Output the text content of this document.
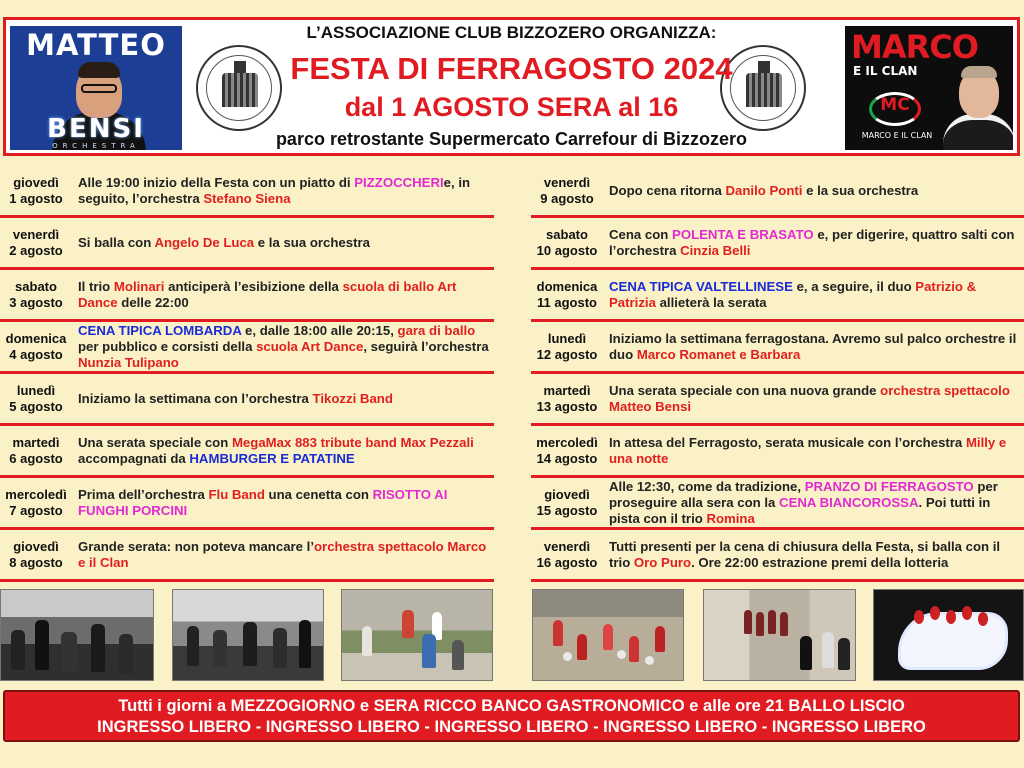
MATTEO
BENSI
ORCHESTRA
L’ASSOCIAZIONE CLUB BIZZOZERO ORGANIZZA:
FESTA DI FERRAGOSTO 2024
dal 1 AGOSTO SERA al 16
parco retrostante Supermercato Carrefour di Bizzozero
MARCO
E IL CLAN
MC
MARCO E IL CLAN
giovedì
1 agosto
Alle 19:00 inizio della Festa con un piatto di PIZZOCCHERIe, in seguito, l’orchestra Stefano Siena
venerdì
2 agosto
Si balla con Angelo De Luca e la sua orchestra
sabato
3 agosto
Il trio Molinari anticiperà l’esibizione della scuola di ballo Art Dance delle 22:00
domenica
4 agosto
CENA TIPICA LOMBARDA e, dalle 18:00 alle 20:15, gara di ballo per pubblico e corsisti della scuola Art Dance, seguirà l’orchestra Nunzia Tulipano
lunedì
5 agosto
Iniziamo la settimana con l’orchestra Tikozzi Band
martedì
6 agosto
Una serata speciale con MegaMax 883 tribute band Max Pezzali accompagnati da HAMBURGER E PATATINE
mercoledì
7 agosto
Prima dell’orchestra Flu Band una cenetta con RISOTTO AI FUNGHI PORCINI
giovedì
8 agosto
Grande serata: non poteva mancare l’orchestra spettacolo Marco e il Clan
venerdì
9 agosto
Dopo cena ritorna Danilo Ponti e la sua orchestra
sabato
10 agosto
Cena con POLENTA E BRASATO e, per digerire, quattro salti con l’orchestra Cinzia Belli
domenica
11 agosto
CENA TIPICA VALTELLINESE e, a seguire, il duo Patrizio & Patrizia allieterà la serata
lunedì
12 agosto
Iniziamo la settimana ferragostana. Avremo sul palco orchestre il duo Marco Romanet e Barbara
martedì
13 agosto
Una serata speciale con una nuova grande orchestra spettacolo Matteo Bensi
mercoledì
14 agosto
In attesa del Ferragosto, serata musicale con l’orchestra Milly e una notte
giovedì
15 agosto
Alle 12:30, come da tradizione, PRANZO DI FERRAGOSTO per proseguire alla sera con la CENA BIANCOROSSA. Poi tutti in pista con il trio Romina
venerdì
16 agosto
Tutti presenti per la cena di chiusura della Festa, si balla con il trio Oro Puro. Ore 22:00 estrazione premi della lotteria
Tutti i giorni a MEZZOGIORNO e SERA RICCO BANCO GASTRONOMICO e alle ore 21 BALLO LISCIO
INGRESSO LIBERO - INGRESSO LIBERO - INGRESSO LIBERO - INGRESSO LIBERO - INGRESSO LIBERO
